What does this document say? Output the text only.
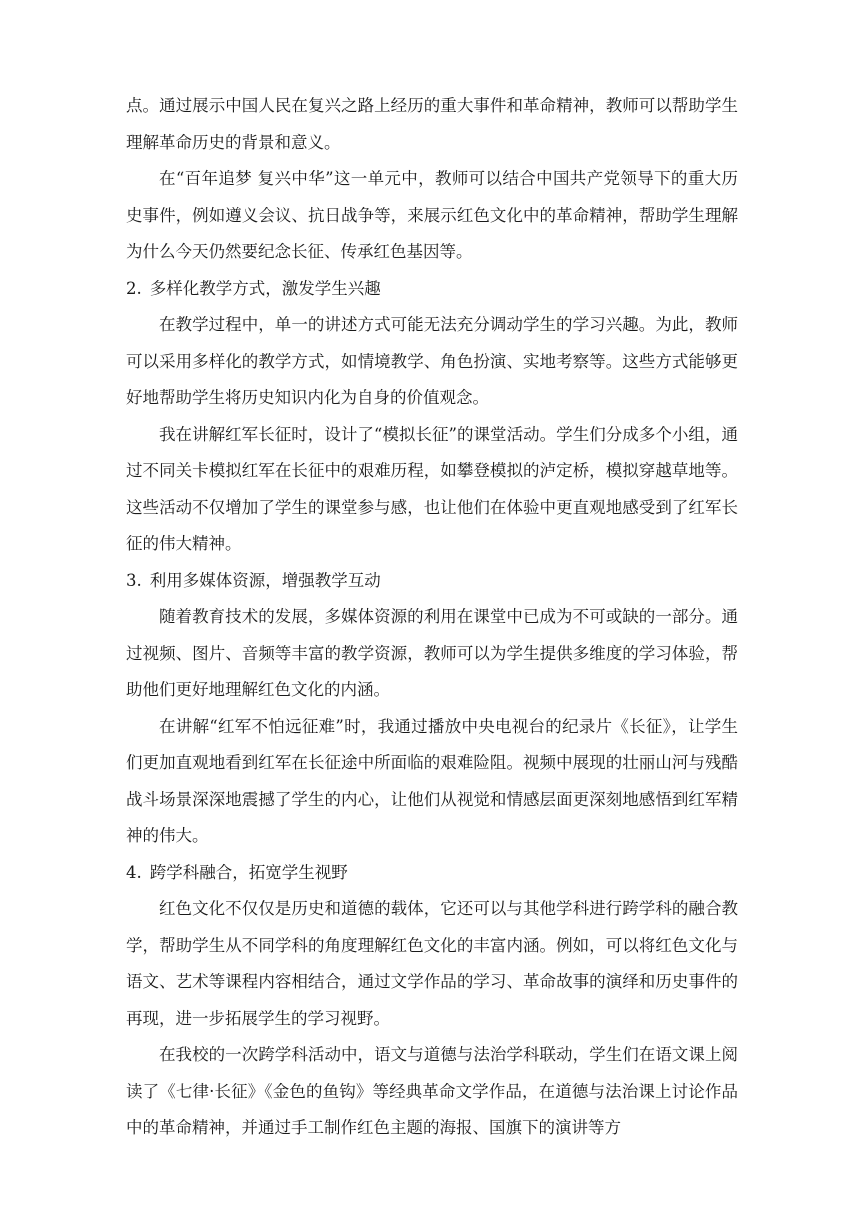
点。通过展示中国人民在复兴之路上经历的重大事件和革命精神，教师可以帮助学生理解革命历史的背景和意义。

在“百年追梦 复兴中华”这一单元中，教师可以结合中国共产党领导下的重大历史事件，例如遵义会议、抗日战争等，来展示红色文化中的革命精神，帮助学生理解为什么今天仍然要纪念长征、传承红色基因等。

2. 多样化教学方式，激发学生兴趣

在教学过程中，单一的讲述方式可能无法充分调动学生的学习兴趣。为此，教师可以采用多样化的教学方式，如情境教学、角色扮演、实地考察等。这些方式能够更好地帮助学生将历史知识内化为自身的价值观念。

我在讲解红军长征时，设计了“模拟长征”的课堂活动。学生们分成多个小组，通过不同关卡模拟红军在长征中的艰难历程，如攀登模拟的泸定桥，模拟穿越草地等。这些活动不仅增加了学生的课堂参与感，也让他们在体验中更直观地感受到了红军长征的伟大精神。

3. 利用多媒体资源，增强教学互动

随着教育技术的发展，多媒体资源的利用在课堂中已成为不可或缺的一部分。通过视频、图片、音频等丰富的教学资源，教师可以为学生提供多维度的学习体验，帮助他们更好地理解红色文化的内涵。

在讲解“红军不怕远征难”时，我通过播放中央电视台的纪录片《长征》，让学生们更加直观地看到红军在长征途中所面临的艰难险阻。视频中展现的壮丽山河与残酷战斗场景深深地震撼了学生的内心，让他们从视觉和情感层面更深刻地感悟到红军精神的伟大。

4. 跨学科融合，拓宽学生视野

红色文化不仅仅是历史和道德的载体，它还可以与其他学科进行跨学科的融合教学，帮助学生从不同学科的角度理解红色文化的丰富内涵。例如，可以将红色文化与语文、艺术等课程内容相结合，通过文学作品的学习、革命故事的演绎和历史事件的再现，进一步拓展学生的学习视野。

在我校的一次跨学科活动中，语文与道德与法治学科联动，学生们在语文课上阅读了《七律·长征》《金色的鱼钩》等经典革命文学作品，在道德与法治课上讨论作品中的革命精神，并通过手工制作红色主题的海报、国旗下的演讲等方
